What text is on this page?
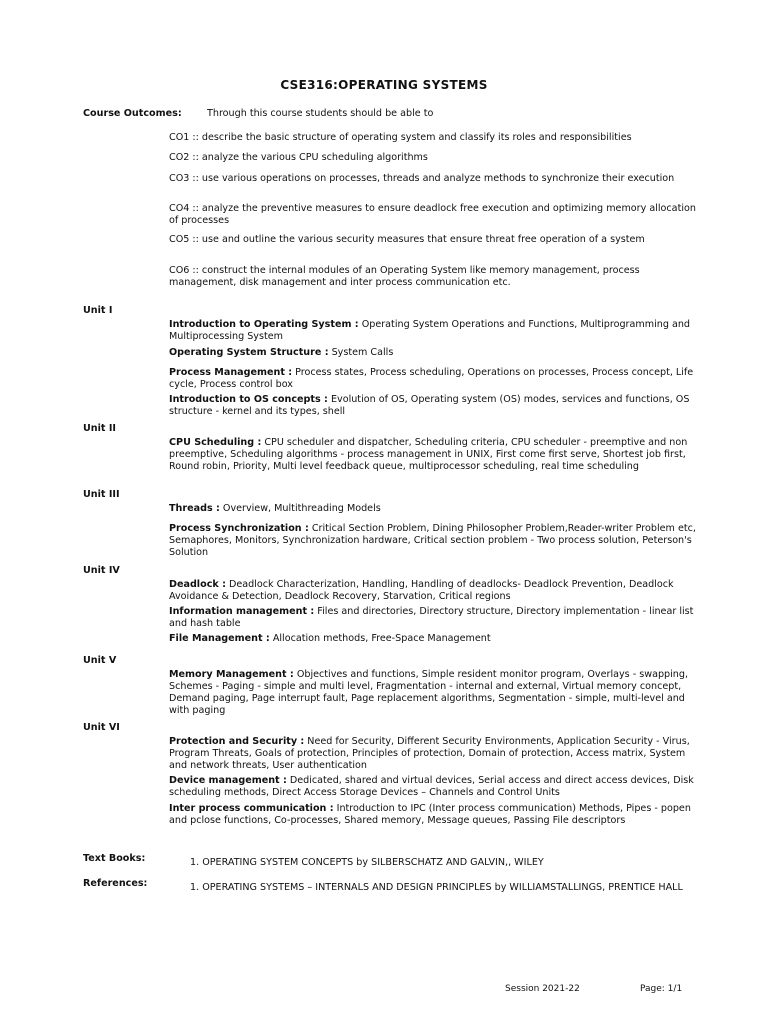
CSE316:OPERATING SYSTEMS
Course Outcomes:	Through this course students should be able to
CO1 :: describe the basic structure of operating system and classify its roles and responsibilities
CO2 :: analyze the various CPU scheduling algorithms
CO3 :: use various operations on processes, threads and analyze methods to synchronize their execution
CO4 :: analyze the preventive measures to ensure deadlock free execution and optimizing memory allocation of processes
CO5 :: use and outline the various security measures that ensure threat free operation of a system
CO6 :: construct the internal modules of an Operating System like memory management, process management, disk management and inter process communication etc.
Unit I
Introduction to Operating System : Operating System Operations and Functions, Multiprogramming and Multiprocessing System
Operating System Structure : System Calls
Process Management : Process states, Process scheduling, Operations on processes, Process concept, Life cycle, Process control box
Introduction to OS concepts : Evolution of OS, Operating system (OS) modes, services and functions, OS structure - kernel and its types, shell
Unit II
CPU Scheduling : CPU scheduler and dispatcher, Scheduling criteria, CPU scheduler - preemptive and non preemptive, Scheduling algorithms - process management in UNIX, First come first serve, Shortest job first, Round robin, Priority, Multi level feedback queue, multiprocessor scheduling, real time scheduling
Unit III
Threads : Overview, Multithreading Models
Process Synchronization : Critical Section Problem, Dining Philosopher Problem,Reader-writer Problem etc, Semaphores, Monitors, Synchronization hardware, Critical section problem - Two process solution, Peterson's Solution
Unit IV
Deadlock : Deadlock Characterization, Handling, Handling of deadlocks- Deadlock Prevention, Deadlock Avoidance & Detection, Deadlock Recovery, Starvation, Critical regions
Information management : Files and directories, Directory structure, Directory implementation - linear list and hash table
File Management : Allocation methods, Free-Space Management
Unit V
Memory Management : Objectives and functions, Simple resident monitor program, Overlays - swapping, Schemes - Paging - simple and multi level, Fragmentation - internal and external, Virtual memory concept, Demand paging, Page interrupt fault, Page replacement algorithms, Segmentation - simple, multi-level and with paging
Unit VI
Protection and Security : Need for Security, Different Security Environments, Application Security - Virus, Program Threats, Goals of protection, Principles of protection, Domain of protection, Access matrix, System and network threats, User authentication
Device management : Dedicated, shared and virtual devices, Serial access and direct access devices, Disk scheduling methods, Direct Access Storage Devices – Channels and Control Units
Inter process communication : Introduction to IPC (Inter process communication) Methods, Pipes - popen and pclose functions, Co-processes, Shared memory, Message queues, Passing File descriptors
Text Books:	1. OPERATING SYSTEM CONCEPTS by SILBERSCHATZ AND GALVIN,, WILEY
References:	1. OPERATING SYSTEMS – INTERNALS AND DESIGN PRINCIPLES by WILLIAMSTALLINGS, PRENTICE HALL
Session 2021-22	Page: 1/1
